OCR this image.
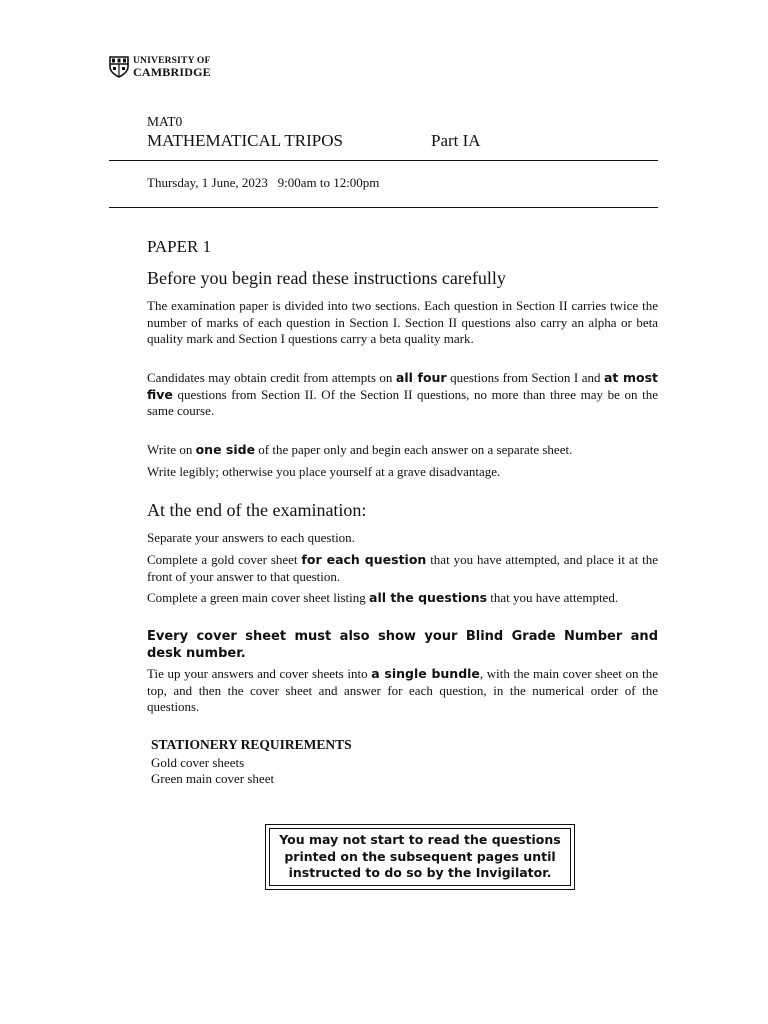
UNIVERSITY OF
CAMBRIDGE
MAT0
MATHEMATICAL TRIPOS	Part IA
Thursday, 1 June, 2023 9:00am to 12:00pm
PAPER 1
Before you begin read these instructions carefully
The examination paper is divided into two sections. Each question in Section II carries twice the number of marks of each question in Section I. Section II questions also carry an alpha or beta quality mark and Section I questions carry a beta quality mark.
Candidates may obtain credit from attempts on all four questions from Section I and at most five questions from Section II. Of the Section II questions, no more than three may be on the same course.
Write on one side of the paper only and begin each answer on a separate sheet.
Write legibly; otherwise you place yourself at a grave disadvantage.
At the end of the examination:
Separate your answers to each question.
Complete a gold cover sheet for each question that you have attempted, and place it at the front of your answer to that question.
Complete a green main cover sheet listing all the questions that you have attempted.
Every cover sheet must also show your Blind Grade Number and desk number.
Tie up your answers and cover sheets into a single bundle, with the main cover sheet on the top, and then the cover sheet and answer for each question, in the numerical order of the questions.
STATIONERY REQUIREMENTS
Gold cover sheets
Green main cover sheet
You may not start to read the questions printed on the subsequent pages until instructed to do so by the Invigilator.
